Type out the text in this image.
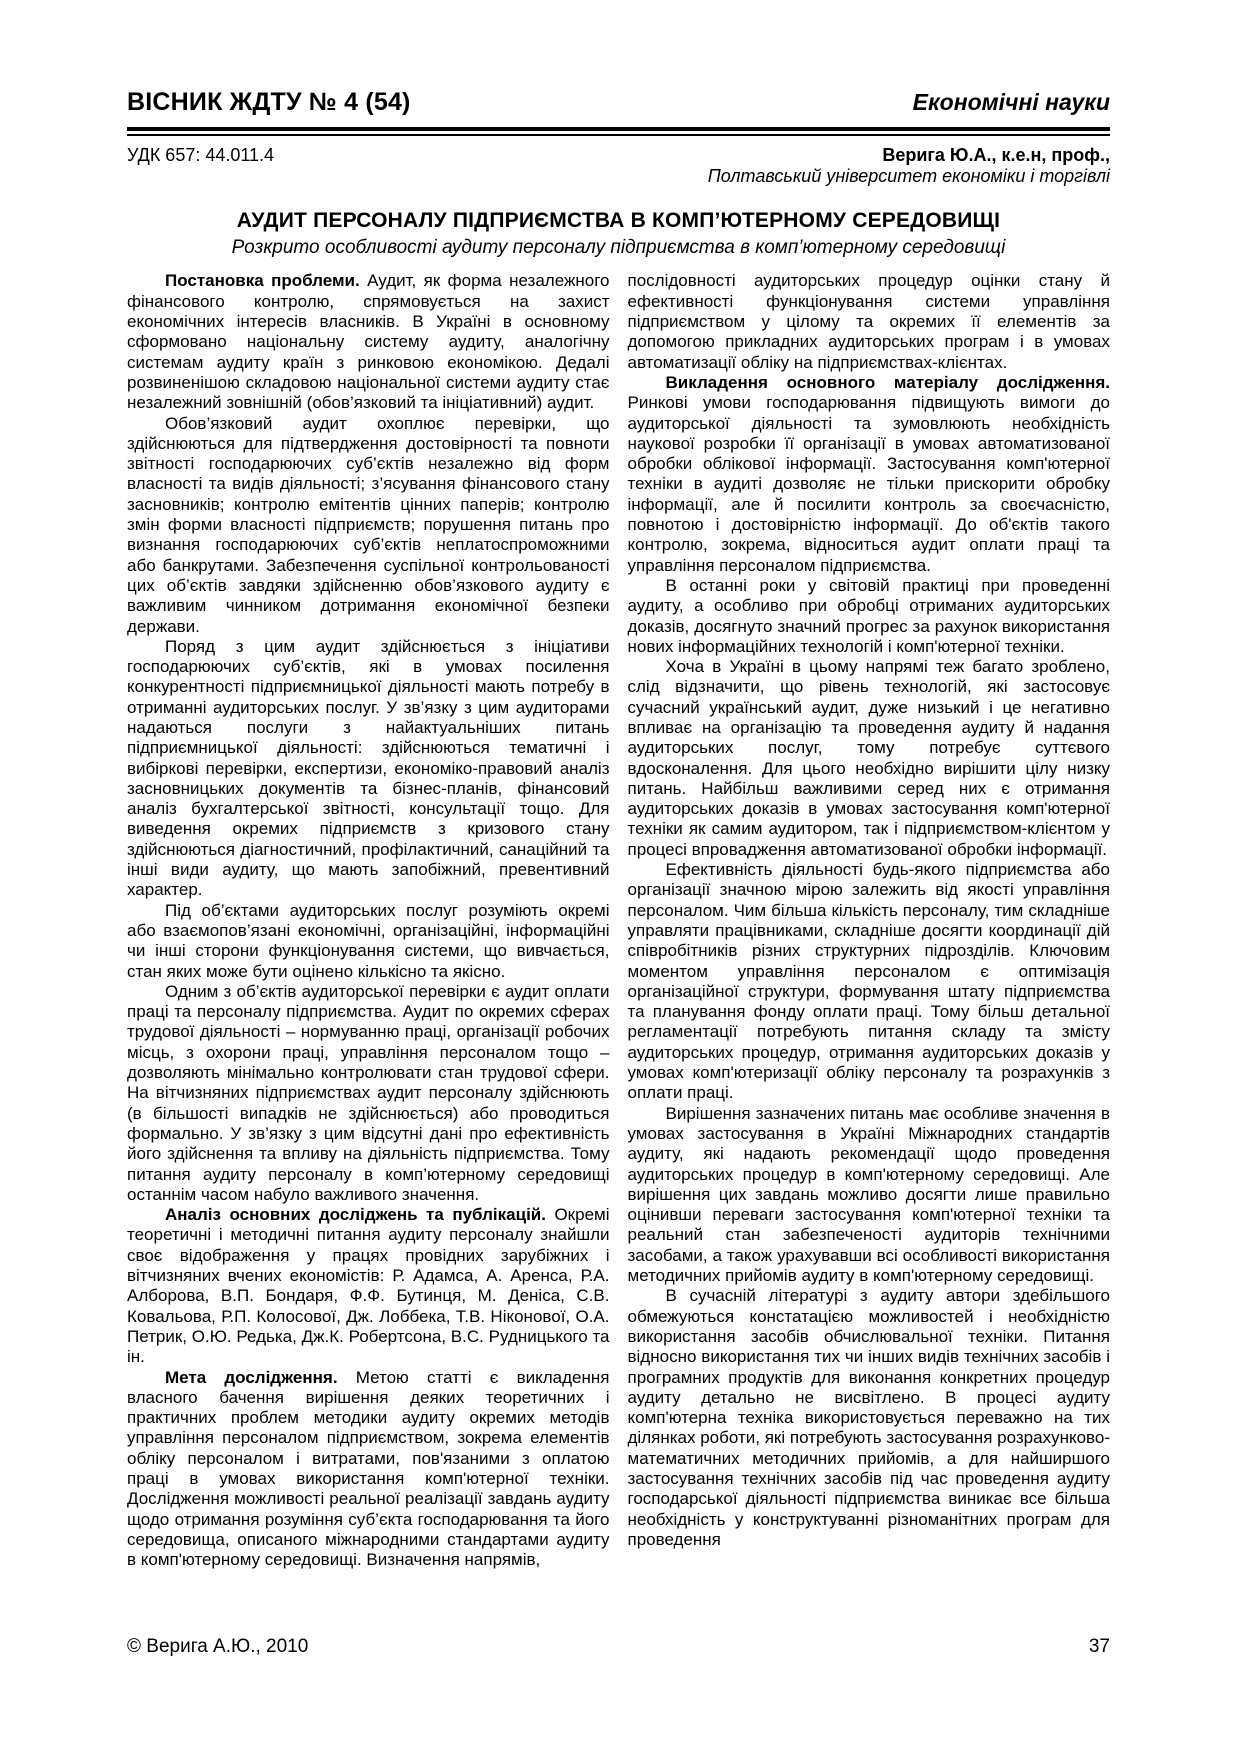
ВІСНИК ЖДТУ № 4 (54)	Економічні науки
УДК 657: 44.011.4	Верига Ю.А., к.е.н, проф.,
Полтавський університет економіки і торгівлі
АУДИТ ПЕРСОНАЛУ ПІДПРИЄМСТВА В КОМП’ЮТЕРНОМУ СЕРЕДОВИЩІ
Розкрито особливості аудиту персоналу підприємства в комп’ютерному середовищі

Постановка проблеми. Аудит, як форма незалежного фінансового контролю, спрямовується на захист економічних інтересів власників. В Україні в основному сформовано національну систему аудиту, аналогічну системам аудиту країн з ринковою економікою. Дедалі розвиненішою складовою національної системи аудиту стає незалежний зовнішній (обов’язковий та ініціативний) аудит.

Обов’язковий аудит охоплює перевірки, що здійснюються для підтвердження достовірності та повноти звітності господарюючих суб’єктів незалежно від форм власності та видів діяльності; з’ясування фінансового стану засновників; контролю емітентів цінних паперів; контролю змін форми власності підприємств; порушення питань про визнання господарюючих суб’єктів неплатоспроможними або банкрутами. Забезпечення суспільної контрольованості цих об’єктів завдяки здійсненню обов’язкового аудиту є важливим чинником дотримання економічної безпеки держави.

Поряд з цим аудит здійснюється з ініціативи господарюючих суб’єктів, які в умовах посилення конкурентності підприємницької діяльності мають потребу в отриманні аудиторських послуг. У зв’язку з цим аудиторами надаються послуги з найактуальніших питань підприємницької діяльності: здійснюються тематичні і вибіркові перевірки, експертизи, економіко-правовий аналіз засновницьких документів та бізнес-планів, фінансовий аналіз бухгалтерської звітності, консультації тощо. Для виведення окремих підприємств з кризового стану здійснюються діагностичний, профілактичний, санаційний та інші види аудиту, що мають запобіжний, превентивний характер.

Під об’єктами аудиторських послуг розуміють окремі або взаємопов’язані економічні, організаційні, інформаційні чи інші сторони функціонування системи, що вивчається, стан яких може бути оцінено кількісно та якісно.

Одним з об’єктів аудиторської перевірки є аудит оплати праці та персоналу підприємства. Аудит по окремих сферах трудової діяльності – нормуванню праці, організації робочих місць, з охорони праці, управління персоналом тощо – дозволяють мінімально контролювати стан трудової сфери. На вітчизняних підприємствах аудит персоналу здійснюють (в більшості випадків не здійснюється) або проводиться формально. У зв’язку з цим відсутні дані про ефективність його здійснення та впливу на діяльність підприємства. Тому питання аудиту персоналу в комп’ютерному середовищі останнім часом набуло важливого значення.

Аналіз основних досліджень та публікацій. Окремі теоретичні і методичні питання аудиту персоналу знайшли своє відображення у працях провідних зарубіжних і вітчизняних вчених економістів: Р. Адамса, А. Аренса, Р.А. Алборова, В.П. Бондаря, Ф.Ф. Бутинця, М. Деніса, С.В. Ковальова, Р.П. Колосової, Дж. Лоббека, Т.В. Ніконової, О.А. Петрик, О.Ю. Редька, Дж.К. Робертсона, В.С. Рудницького та ін.

Мета дослідження. Метою статті є викладення власного бачення вирішення деяких теоретичних і практичних проблем методики аудиту окремих методів управління персоналом підприємством, зокрема елементів обліку персоналом і витратами, пов'язаними з оплатою праці в умовах використання комп'ютерної техніки. Дослідження можливості реальної реалізації завдань аудиту щодо отримання розуміння суб’єкта господарювання та його середовища, описаного міжнародними стандартами аудиту в комп'ютерному середовищі. Визначення напрямів,

послідовності аудиторських процедур оцінки стану й ефективності функціонування системи управління підприємством у цілому та окремих її елементів за допомогою прикладних аудиторських програм і в умовах автоматизації обліку на підприємствах-клієнтах.

Викладення основного матеріалу дослідження. Ринкові умови господарювання підвищують вимоги до аудиторської діяльності та зумовлюють необхідність наукової розробки її організації в умовах автоматизованої обробки облікової інформації. Застосування комп'ютерної техніки в аудиті дозволяє не тільки прискорити обробку інформації, але й посилити контроль за своєчасністю, повнотою і достовірністю інформації. До об'єктів такого контролю, зокрема, відноситься аудит оплати праці та управління персоналом підприємства.

В останні роки у світовій практиці при проведенні аудиту, а особливо при обробці отриманих аудиторських доказів, досягнуто значний прогрес за рахунок використання нових інформаційних технологій і комп'ютерної техніки.

Хоча в Україні в цьому напрямі теж багато зроблено, слід відзначити, що рівень технологій, які застосовує сучасний український аудит, дуже низький і це негативно впливає на організацію та проведення аудиту й надання аудиторських послуг, тому потребує суттєвого вдосконалення. Для цього необхідно вирішити цілу низку питань. Найбільш важливими серед них є отримання аудиторських доказів в умовах застосування комп'ютерної техніки як самим аудитором, так і підприємством-клієнтом у процесі впровадження автоматизованої обробки інформації.

Ефективність діяльності будь-якого підприємства або організації значною мірою залежить від якості управління персоналом. Чим більша кількість персоналу, тим складніше управляти працівниками, складніше досягти координації дій співробітників різних структурних підрозділів. Ключовим моментом управління персоналом є оптимізація організаційної структури, формування штату підприємства та планування фонду оплати праці. Тому більш детальної регламентації потребують питання складу та змісту аудиторських процедур, отримання аудиторських доказів у умовах комп'ютеризації обліку персоналу та розрахунків з оплати праці.

Вирішення зазначених питань має особливе значення в умовах застосування в Україні Міжнародних стандартів аудиту, які надають рекомендації щодо проведення аудиторських процедур в комп'ютерному середовищі. Але вирішення цих завдань можливо досягти лише правильно оцінивши переваги застосування комп'ютерної техніки та реальний стан забезпеченості аудиторів технічними засобами, а також урахувавши всі особливості використання методичних прийомів аудиту в комп'ютерному середовищі.

В сучасній літературі з аудиту автори здебільшого обмежуються констатацією можливостей і необхідністю використання засобів обчислювальної техніки. Питання відносно використання тих чи інших видів технічних засобів і програмних продуктів для виконання конкретних процедур аудиту детально не висвітлено. В процесі аудиту комп'ютерна техніка використовується переважно на тих ділянках роботи, які потребують застосування розрахунково-математичних методичних прийомів, а для найширшого застосування технічних засобів під час проведення аудиту господарської діяльності підприємства виникає все більша необхідність у конструктуванні різноманітних програм для проведення

© Верига А.Ю., 2010	37
